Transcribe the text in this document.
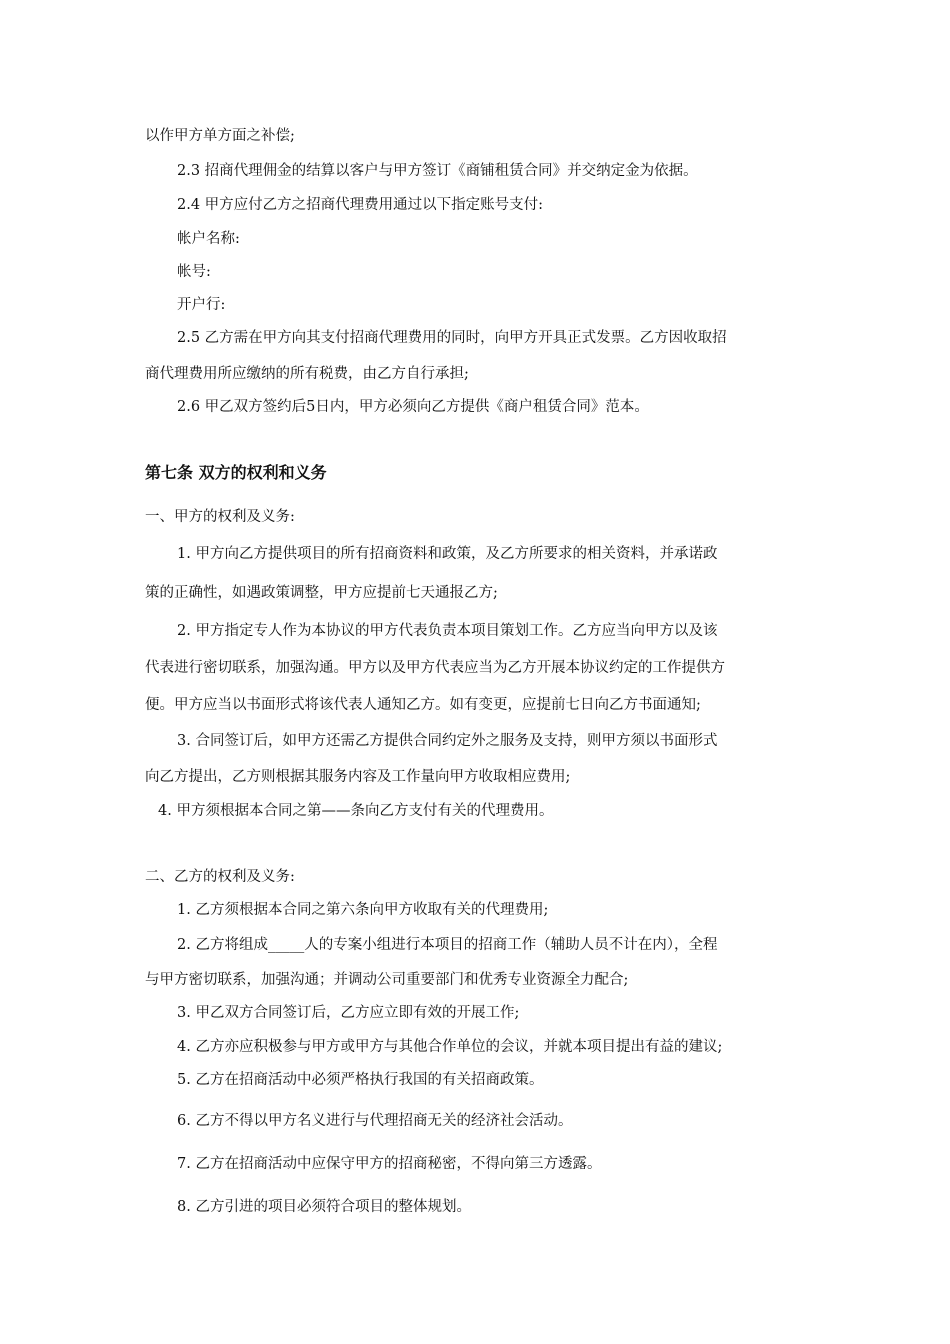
以作甲方单方面之补偿;
2.3 招商代理佣金的结算以客户与甲方签订《商铺租赁合同》并交纳定金为依据。
2.4 甲方应付乙方之招商代理费用通过以下指定账号支付:
帐户名称:
帐号:
开户行:
2.5 乙方需在甲方向其支付招商代理费用的同时，向甲方开具正式发票。乙方因收取招
商代理费用所应缴纳的所有税费，由乙方自行承担;
2.6 甲乙双方签约后5日内，甲方必须向乙方提供《商户租赁合同》范本。
第七条 双方的权利和义务
一、甲方的权利及义务:
1. 甲方向乙方提供项目的所有招商资料和政策，及乙方所要求的相关资料，并承诺政
策的正确性，如遇政策调整，甲方应提前七天通报乙方;
2. 甲方指定专人作为本协议的甲方代表负责本项目策划工作。乙方应当向甲方以及该
代表进行密切联系，加强沟通。甲方以及甲方代表应当为乙方开展本协议约定的工作提供方
便。甲方应当以书面形式将该代表人通知乙方。如有变更，应提前七日向乙方书面通知;
3. 合同签订后，如甲方还需乙方提供合同约定外之服务及支持，则甲方须以书面形式
向乙方提出，乙方则根据其服务内容及工作量向甲方收取相应费用;
4. 甲方须根据本合同之第——条向乙方支付有关的代理费用。
二、乙方的权利及义务:
1. 乙方须根据本合同之第六条向甲方收取有关的代理费用;
2. 乙方将组成_____人的专案小组进行本项目的招商工作（辅助人员不计在内），全程
与甲方密切联系，加强沟通；并调动公司重要部门和优秀专业资源全力配合;
3. 甲乙双方合同签订后，乙方应立即有效的开展工作;
4. 乙方亦应积极参与甲方或甲方与其他合作单位的会议，并就本项目提出有益的建议;
5. 乙方在招商活动中必须严格执行我国的有关招商政策。
6. 乙方不得以甲方名义进行与代理招商无关的经济社会活动。
7. 乙方在招商活动中应保守甲方的招商秘密，不得向第三方透露。
8. 乙方引进的项目必须符合项目的整体规划。
